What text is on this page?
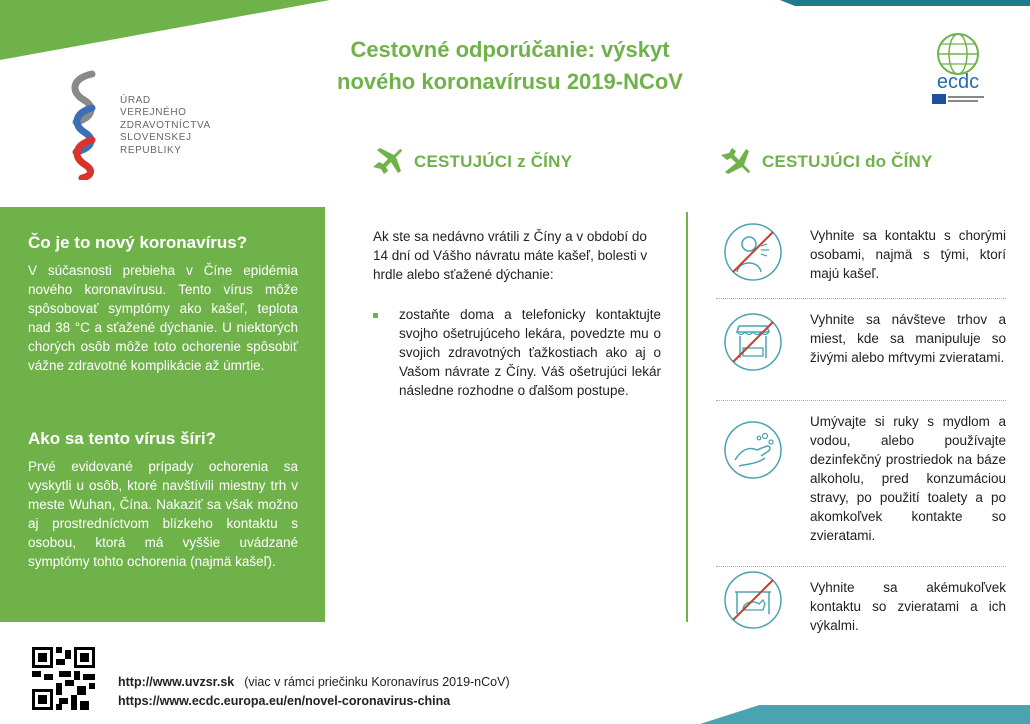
Cestovné odporúčanie: výskyt
nového koronavírusu 2019-NCoV
ÚRAD
VEREJNÉHO
ZDRAVOTNÍCTVA
SLOVENSKEJ
REPUBLIKY
ecdc
CESTUJÚCI z ČÍNY	CESTUJÚCI do ČÍNY
Čo je to nový koronavírus?
V súčasnosti prebieha v Číne epidémia nového koronavírusu. Tento vírus môže spôsobovať symptómy ako kašeľ, teplota nad 38 °C a sťažené dýchanie. U niektorých chorých osôb môže toto ochorenie spôsobiť vážne zdravotné komplikácie až úmrtie.
Ako sa tento vírus šíri?
Prvé evidované prípady ochorenia sa vyskytli u osôb, ktoré navštívili miestny trh v meste Wuhan, Čína. Nakaziť sa však možno aj prostredníctvom blízkeho kontaktu s osobou, ktorá má vyššie uvádzané symptómy tohto ochorenia (najmä kašeľ).
Ak ste sa nedávno vrátili z Číny a v období do 14 dní od Vášho návratu máte kašeľ, bolesti v hrdle alebo sťažené dýchanie:
zostaňte doma a telefonicky kontaktujte svojho ošetrujúceho lekára, povedzte mu o svojich zdravotných ťažkostiach ako aj o Vašom návrate z Číny. Váš ošetrujúci lekár následne rozhodne o ďalšom postupe.
Vyhnite sa kontaktu s chorými osobami, najmä s tými, ktorí majú kašeľ.
Vyhnite sa návšteve trhov a miest, kde sa manipuluje so živými alebo mŕtvymi zvieratami.
Umývajte si ruky s mydlom a vodou, alebo používajte dezinfekčný prostriedok na báze alkoholu, pred konzumáciou stravy, po použití toalety a po akomkoľvek kontakte so zvieratami.
Vyhnite sa akémukoľvek kontaktu so zvieratami a ich výkalmi.
http://www.uvzsr.sk (viac v rámci priečinku Koronavírus 2019-nCoV)
https://www.ecdc.europa.eu/en/novel-coronavirus-china
